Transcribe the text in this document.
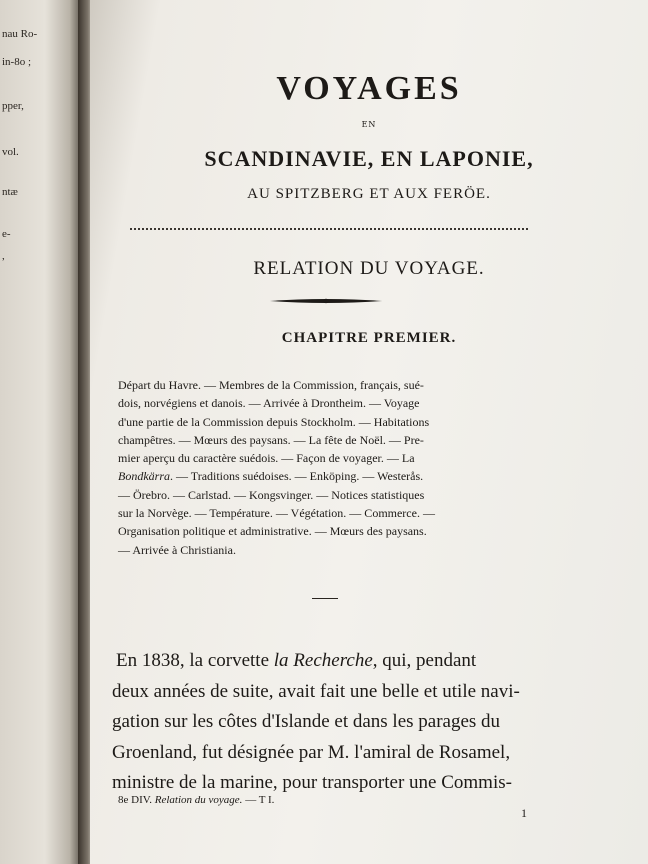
nau Ro-
in-8o ;
pper,
vol.
ntæ
e-
,
VOYAGES
EN
SCANDINAVIE, EN LAPONIE,
AU SPITZBERG ET AUX FERÖE.
RELATION DU VOYAGE.
CHAPITRE PREMIER.
Départ du Havre. — Membres de la Commission, français, sué-
dois, norvégiens et danois. — Arrivée à Drontheim. — Voyage
d'une partie de la Commission depuis Stockholm. — Habitations
champêtres. — Mœurs des paysans. — La fête de Noël. — Pre-
mier aperçu du caractère suédois. — Façon de voyager. — La
Bondkärra. — Traditions suédoises. — Enköping. — Westerås.
— Örebro. — Carlstad. — Kongsvinger. — Notices statistiques
sur la Norvège. — Température. — Végétation. — Commerce. —
Organisation politique et administrative. — Mœurs des paysans.
— Arrivée à Christiania.
En 1838, la corvette la Recherche, qui, pendant
deux années de suite, avait fait une belle et utile navi-
gation sur les côtes d'Islande et dans les parages du
Groenland, fut désignée par M. l'amiral de Rosamel,
ministre de la marine, pour transporter une Commis-
8e DIV. Relation du voyage. — T I.
1
